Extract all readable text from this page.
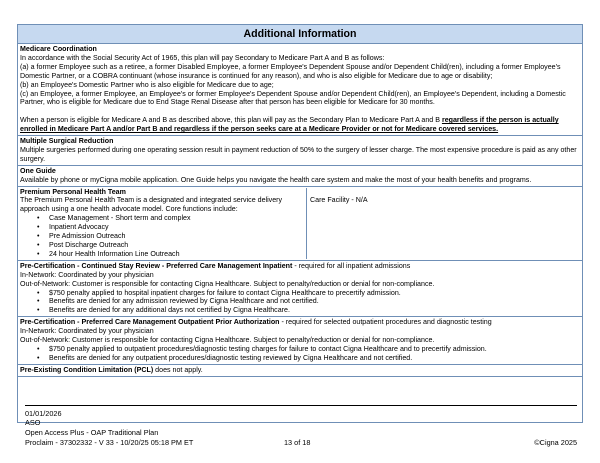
Additional Information

Medicare Coordination
In accordance with the Social Security Act of 1965, this plan will pay Secondary to Medicare Part A and B as follows:
(a) a former Employee such as a retiree, a former Disabled Employee, a former Employee's Dependent Spouse and/or Dependent Child(ren), including a former Employee's Domestic Partner, or a COBRA continuant (whose insurance is continued for any reason), and who is also eligible for Medicare due to age or disability;
(b) an Employee's Domestic Partner who is also eligible for Medicare due to age;
(c) an Employee, a former Employee, an Employee's or former Employee's Dependent Spouse and/or Dependent Child(ren), an Employee's Dependent, including a Domestic Partner, who is eligible for Medicare due to End Stage Renal Disease after that person has been eligible for Medicare for 30 months.
When a person is eligible for Medicare A and B as described above, this plan will pay as the Secondary Plan to Medicare Part A and B regardless if the person is actually enrolled in Medicare Part A and/or Part B and regardless if the person seeks care at a Medicare Provider or not for Medicare covered services.

Multiple Surgical Reduction
Multiple surgeries performed during one operating session result in payment reduction of 50% to the surgery of lesser charge. The most expensive procedure is paid as any other surgery.

One Guide
Available by phone or myCigna mobile application. One Guide helps you navigate the health care system and make the most of your health benefits and programs.

Premium Personal Health Team
The Premium Personal Health Team is a designated and integrated service delivery approach using a one health advocate model. Core functions include:
• Case Management - Short term and complex
• Inpatient Advocacy
• Pre Admission Outreach
• Post Discharge Outreach
• 24 hour Health Information Line Outreach

Care Facility - N/A

Pre-Certification - Continued Stay Review - Preferred Care Management Inpatient - required for all inpatient admissions
In-Network: Coordinated by your physician
Out-of-Network: Customer is responsible for contacting Cigna Healthcare. Subject to penalty/reduction or denial for non-compliance.
• $750 penalty applied to hospital inpatient charges for failure to contact Cigna Healthcare to precertify admission.
• Benefits are denied for any admission reviewed by Cigna Healthcare and not certified.
• Benefits are denied for any additional days not certified by Cigna Healthcare.

Pre-Certification - Preferred Care Management Outpatient Prior Authorization - required for selected outpatient procedures and diagnostic testing
In-Network: Coordinated by your physician
Out-of-Network: Customer is responsible for contacting Cigna Healthcare. Subject to penalty/reduction or denial for non-compliance.
• $750 penalty applied to outpatient procedures/diagnostic testing charges for failure to contact Cigna Healthcare and to precertify admission.
• Benefits are denied for any outpatient procedures/diagnostic testing reviewed by Cigna Healthcare and not certified.

Pre-Existing Condition Limitation (PCL) does not apply.

01/01/2026
ASO
Open Access Plus - OAP Traditional Plan
Proclaim - 37302332 - V 33 - 10/20/25 05:18 PM ET	13 of 18	©Cigna 2025
